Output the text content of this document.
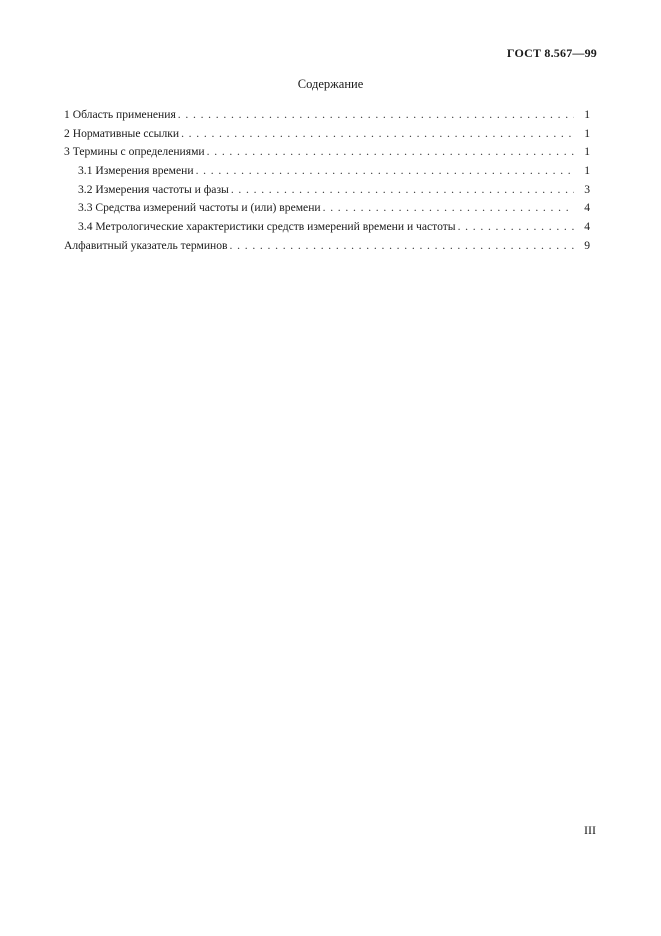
ГОСТ 8.567—99
Содержание
1 Область применения . . .	1
2 Нормативные ссылки . . .	1
3 Термины с определениями . . .	1
3.1 Измерения времени . . .	1
3.2 Измерения частоты и фазы . . .	3
3.3 Средства измерений частоты и (или) времени . . .	4
3.4 Метрологические характеристики средств измерений времени и частоты . . .	4
Алфавитный указатель терминов . . .	9
III
